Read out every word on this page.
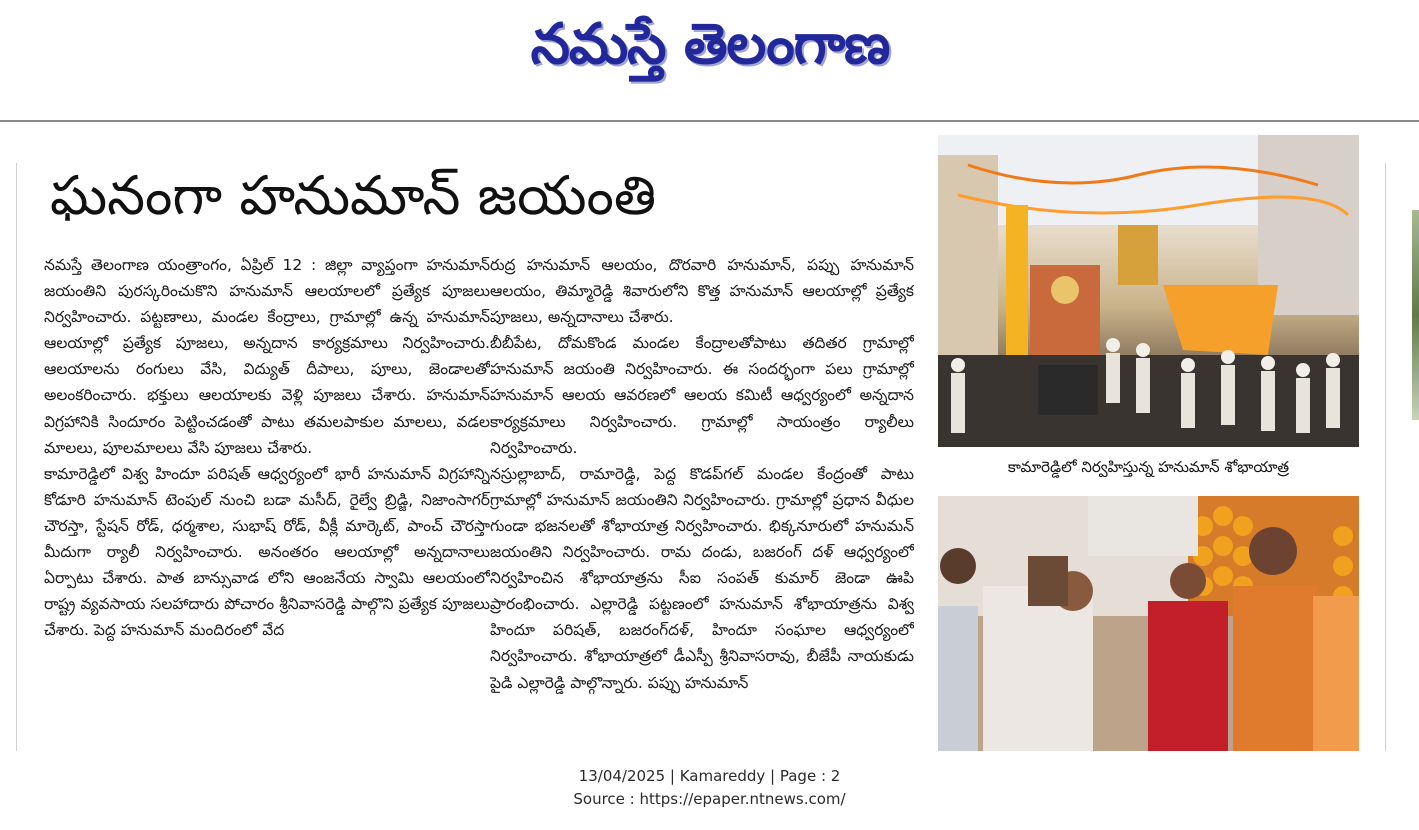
నమస్తే తెలంగాణ
ఘనంగా హనుమాన్ జయంతి

నమస్తే తెలంగాణ యంత్రాంగం, ఏప్రిల్ 12 : జిల్లా వ్యాప్తంగా హనుమాన్ జయంతిని పురస్కరించుకొని హనుమాన్ ఆలయాలలో ప్రత్యేక పూజలు నిర్వహించారు. పట్టణాలు, మండల కేంద్రాలు, గ్రామాల్లో ఉన్న హనుమాన్ ఆలయాల్లో ప్రత్యేక పూజలు, అన్నదాన కార్యక్రమాలు నిర్వహించారు. ఆలయాలను రంగులు వేసి, విద్యుత్ దీపాలు, పూలు, జెండాలతో అలంకరించారు. భక్తులు ఆలయాలకు వెళ్లి పూజలు చేశారు. హనుమాన్ విగ్రహానికి సిందూరం పెట్టించడంతో పాటు తమలపాకుల మాలలు, వడల మాలలు, పూలమాలలు వేసి పూజలు చేశారు.

కామారెడ్డిలో విశ్వ హిందూ పరిషత్ ఆధ్వర్యంలో భారీ హనుమాన్ విగ్రహాన్ని కోడూరి హనుమాన్ టెంపుల్ నుంచి బడా మసీద్, రైల్వే బ్రిడ్జి, నిజాంసాగర్ చౌరస్తా, స్టేషన్ రోడ్, ధర్మశాల, సుభాష్ రోడ్, వీక్లీ మార్కెట్, పాంచ్ చౌరస్తా మీదుగా ర్యాలీ నిర్వహించారు. అనంతరం ఆలయాల్లో అన్నదానాలు ఏర్పాటు చేశారు. పాత బాన్సువాడ లోని ఆంజనేయ స్వామి ఆలయంలో రాష్ట్ర వ్యవసాయ సలహాదారు పోచారం శ్రీనివాసరెడ్డి పాల్గొని ప్రత్యేక పూజలు చేశారు. పెద్ద హనుమాన్ మందిరంలో వేద

రుద్ర హనుమాన్ ఆలయం, దొరవారి హనుమాన్, పప్పు హనుమాన్ ఆలయం, తిమ్మారెడ్డి శివారులోని కొత్త హనుమాన్ ఆలయాల్లో ప్రత్యేక పూజలు, అన్నదానాలు చేశారు.

బీబీపేట, దోమకొండ మండల కేంద్రాలతోపాటు తదితర గ్రామాల్లో హనుమాన్ జయంతి నిర్వహించారు. ఈ సందర్భంగా పలు గ్రామాల్లో హనుమాన్ ఆలయ ఆవరణలో ఆలయ కమిటీ ఆధ్వర్యంలో అన్నదాన కార్యక్రమాలు నిర్వహించారు. గ్రామాల్లో సాయంత్రం ర్యాలీలు నిర్వహించారు.

నస్రుల్లాబాద్, రామారెడ్డి, పెద్ద కొడప్‌గల్ మండల కేంద్రంతో పాటు గ్రామాల్లో హనుమాన్ జయంతిని నిర్వహించారు. గ్రామాల్లో ప్రధాన వీధుల గుండా భజనలతో శోభాయాత్ర నిర్వహించారు. భిక్కనూరులో హనుమన్ జయంతిని నిర్వహించారు. రామ దండు, బజరంగ్ దళ్ ఆధ్వర్యంలో నిర్వహించిన శోభాయాత్రను సీఐ సంపత్ కుమార్ జెండా ఊపి ప్రారంభించారు. ఎల్లారెడ్డి పట్టణంలో హనుమాన్ శోభాయాత్రను విశ్వ హిందూ పరిషత్, బజరంగ్‌దళ్, హిందూ సంఘాల ఆధ్వర్యంలో నిర్వహించారు. శోభాయాత్రలో డీఎస్పీ శ్రీనివాసరావు, బీజేపీ నాయకుడు పైడి ఎల్లారెడ్డి పాల్గొన్నారు. పప్పు హనుమాన్

కామారెడ్డిలో నిర్వహిస్తున్న హనుమాన్ శోభాయాత్ర
13/04/2025 | Kamareddy | Page : 2
Source : https://epaper.ntnews.com/
